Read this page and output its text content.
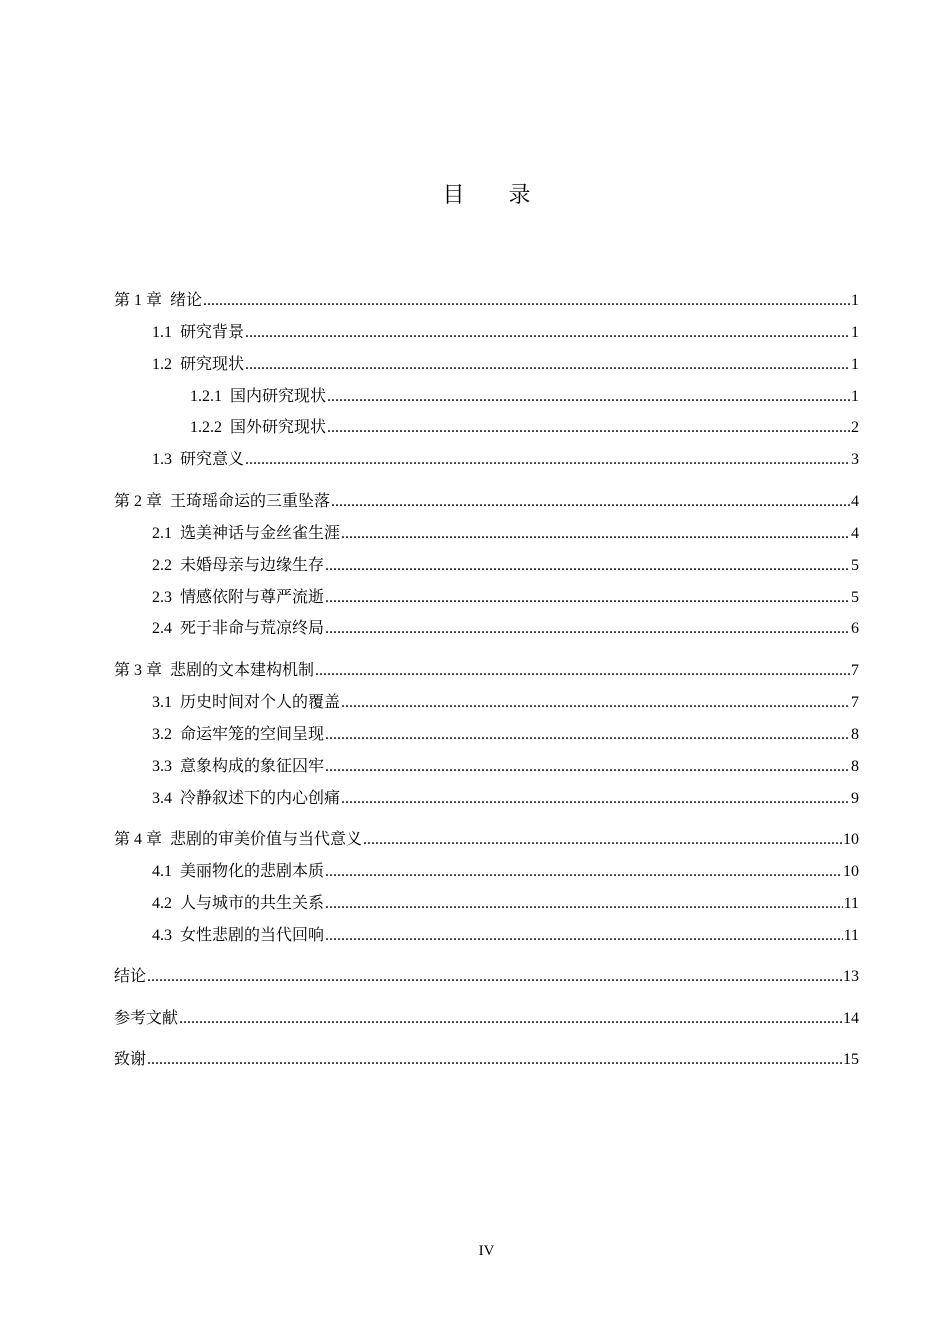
目　　录
第 1 章 绪论 .....	1
1.1 研究背景 .....	1
1.2 研究现状 .....	1
1.2.1 国内研究现状 .....	1
1.2.2 国外研究现状 .....	2
1.3 研究意义 .....	3
第 2 章 王琦瑶命运的三重坠落 .....	4
2.1 选美神话与金丝雀生涯 .....	4
2.2 未婚母亲与边缘生存 .....	5
2.3 情感依附与尊严流逝 .....	5
2.4 死于非命与荒凉终局 .....	6
第 3 章 悲剧的文本建构机制 .....	7
3.1 历史时间对个人的覆盖 .....	7
3.2 命运牢笼的空间呈现 .....	8
3.3 意象构成的象征囚牢 .....	8
3.4 冷静叙述下的内心创痛 .....	9
第 4 章 悲剧的审美价值与当代意义 .....	10
4.1 美丽物化的悲剧本质 .....	10
4.2 人与城市的共生关系 .....	11
4.3 女性悲剧的当代回响 .....	11
结论 .....	13
参考文献 .....	14
致谢 .....	15
IV
